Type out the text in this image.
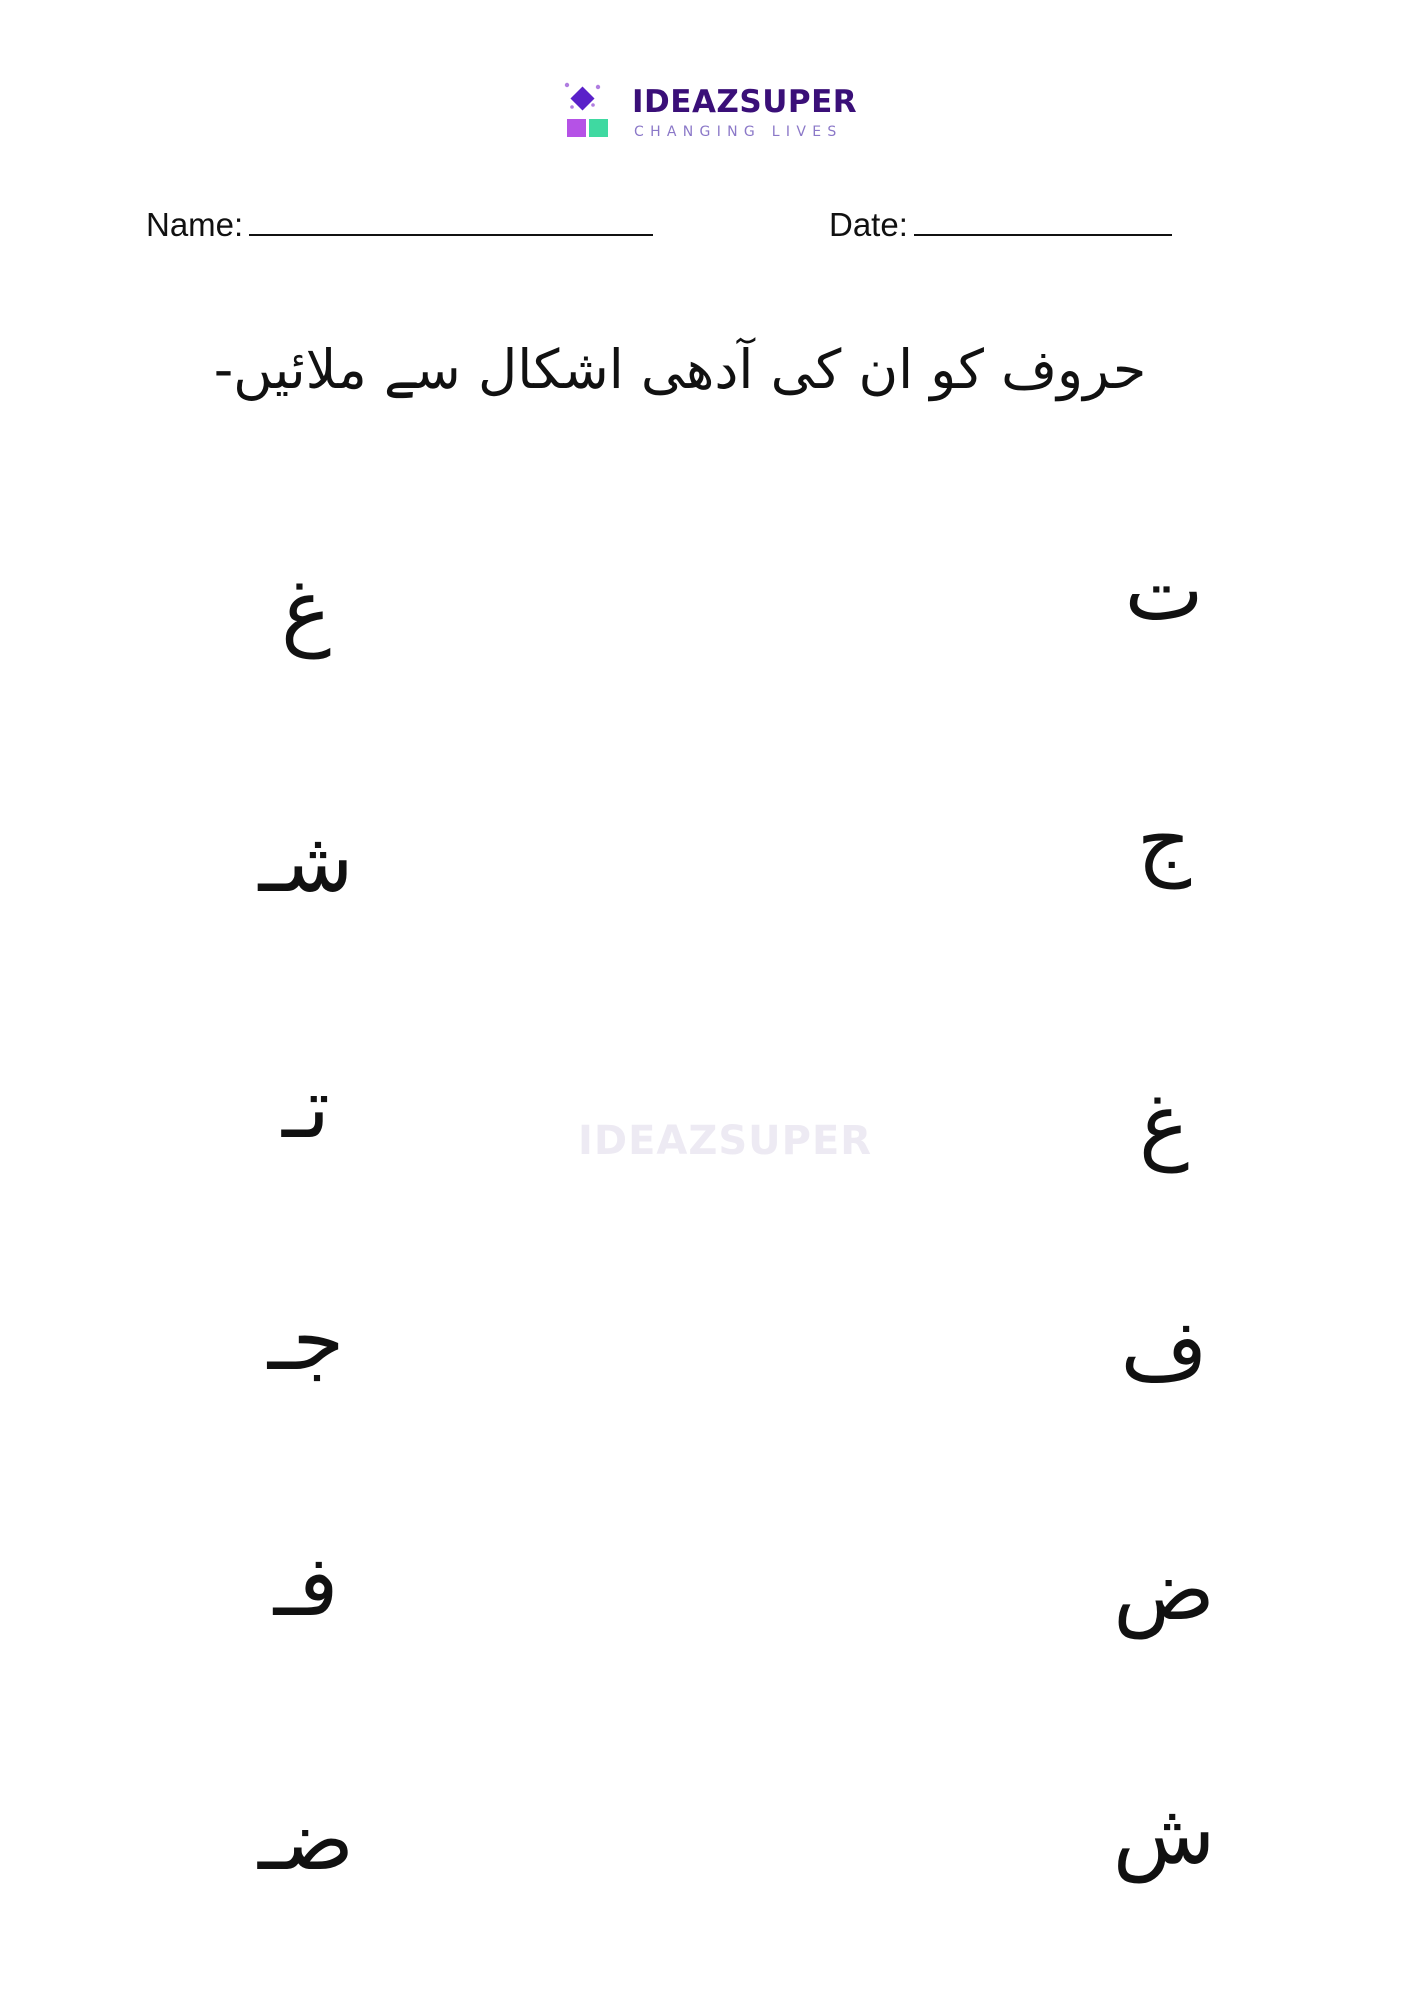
IDEAZSUPER
CHANGING LIVES
Name:	Date:
حروف کو ان کی آدھی اشکال سے ملائیں-
IDEAZSUPER
غ
شـ
تـ
جـ
فـ
ضـ
ت
ج
غ
ف
ض
ش
